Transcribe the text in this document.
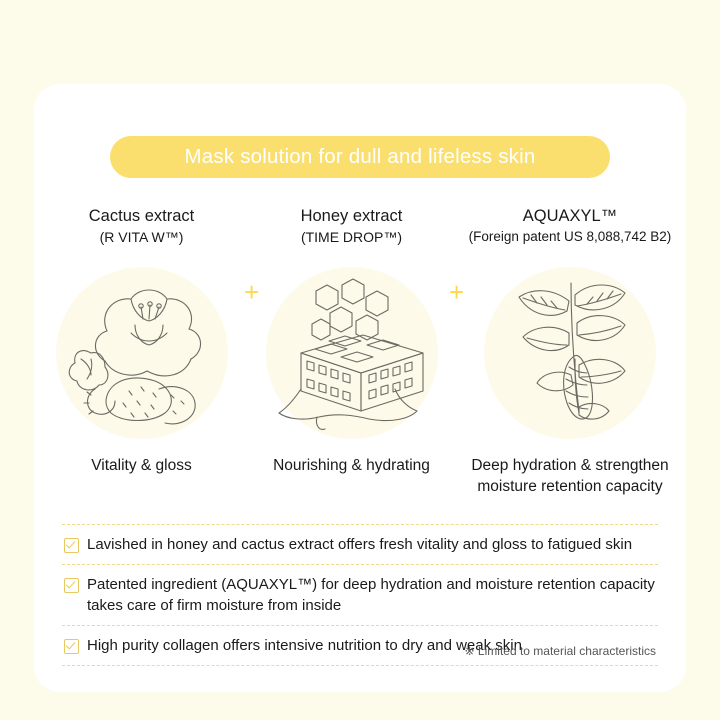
Mask solution for dull and lifeless skin
Cactus extract
(R VITA W™)
Vitality & gloss
Honey extract
(TIME DROP™)
Nourishing & hydrating
AQUAXYL™
(Foreign patent US 8,088,742 B2)
Deep hydration & strengthen moisture retention capacity
+	+
Lavished in honey and cactus extract offers fresh vitality and gloss to fatigued skin
Patented ingredient (AQUAXYL™) for deep hydration and moisture retention capacity takes care of firm moisture from inside
High purity collagen offers intensive nutrition to dry and weak skin
※ Limited to material characteristics
